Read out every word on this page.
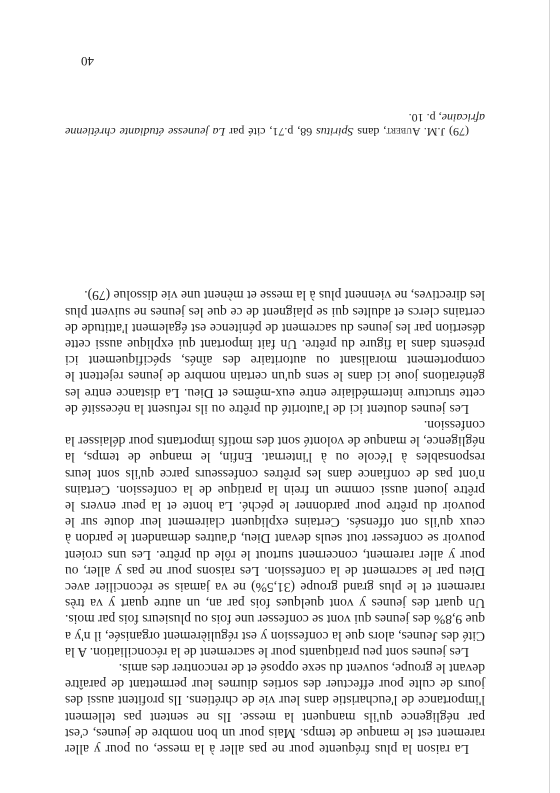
La raison la plus fréquente pour ne pas aller à la messe, ou pour y aller rarement est le manque de temps. Mais pour un bon nombre de jeunes, c'est par négligence qu'ils manquent la messe. Ils ne sentent pas tellement l'importance de l'eucharistie dans leur vie de chrétiens. Ils profitent aussi des jours de culte pour effectuer des sorties diurnes leur permettant de paraître devant le groupe, souvent du sexe opposé et de rencontrer des amis.

Les jeunes sont peu pratiquants pour le sacrement de la réconciliation. A la Cité des Jeunes, alors que la confession y est régulièrement organisée, il n'y a que 9,8% des jeunes qui vont se confesser une fois ou plusieurs fois par mois. Un quart des jeunes y vont quelques fois par an, un autre quart y va très rarement et le plus grand groupe (31,5%) ne va jamais se réconcilier avec Dieu par le sacrement de la confession. Les raisons pour ne pas y aller, ou pour y aller rarement, concernent surtout le rôle du prêtre. Les uns croient pouvoir se confesser tout seuls devant Dieu, d'autres demandent le pardon à ceux qu'ils ont offensés. Certains expliquent clairement leur doute sur le pouvoir du prêtre pour pardonner le péché. La honte et la peur envers le prêtre jouent aussi comme un frein la pratique de la confession. Certains n'ont pas de confiance dans les prêtres confesseurs parce qu'ils sont leurs responsables à l'école ou à l'internat. Enfin, le manque de temps, la négligence, le manque de volonté sont des motifs importants pour délaisser la confession.

Les jeunes doutent ici de l'autorité du prêtre ou ils refusent la nécessité de cette structure intermédiaire entre eux-mêmes et Dieu. La distance entre les générations joue ici dans le sens qu'un certain nombre de jeunes rejettent le comportement moralisant ou autoritaire des aînés, spécifiquement ici présents dans la figure du prêtre. Un fait important qui explique aussi cette désertion par les jeunes du sacrement de pénitence est également l'attitude de certains clercs et adultes qui se plaignent de ce que les jeunes ne suivent plus les directives, ne viennent plus à la messe et mènent une vie dissolue (79).

(79) J.M. Aubert, dans Spiritus 68, p.71, cité par La jeunesse étudiante chrétienne africaine, p. 10.

40
